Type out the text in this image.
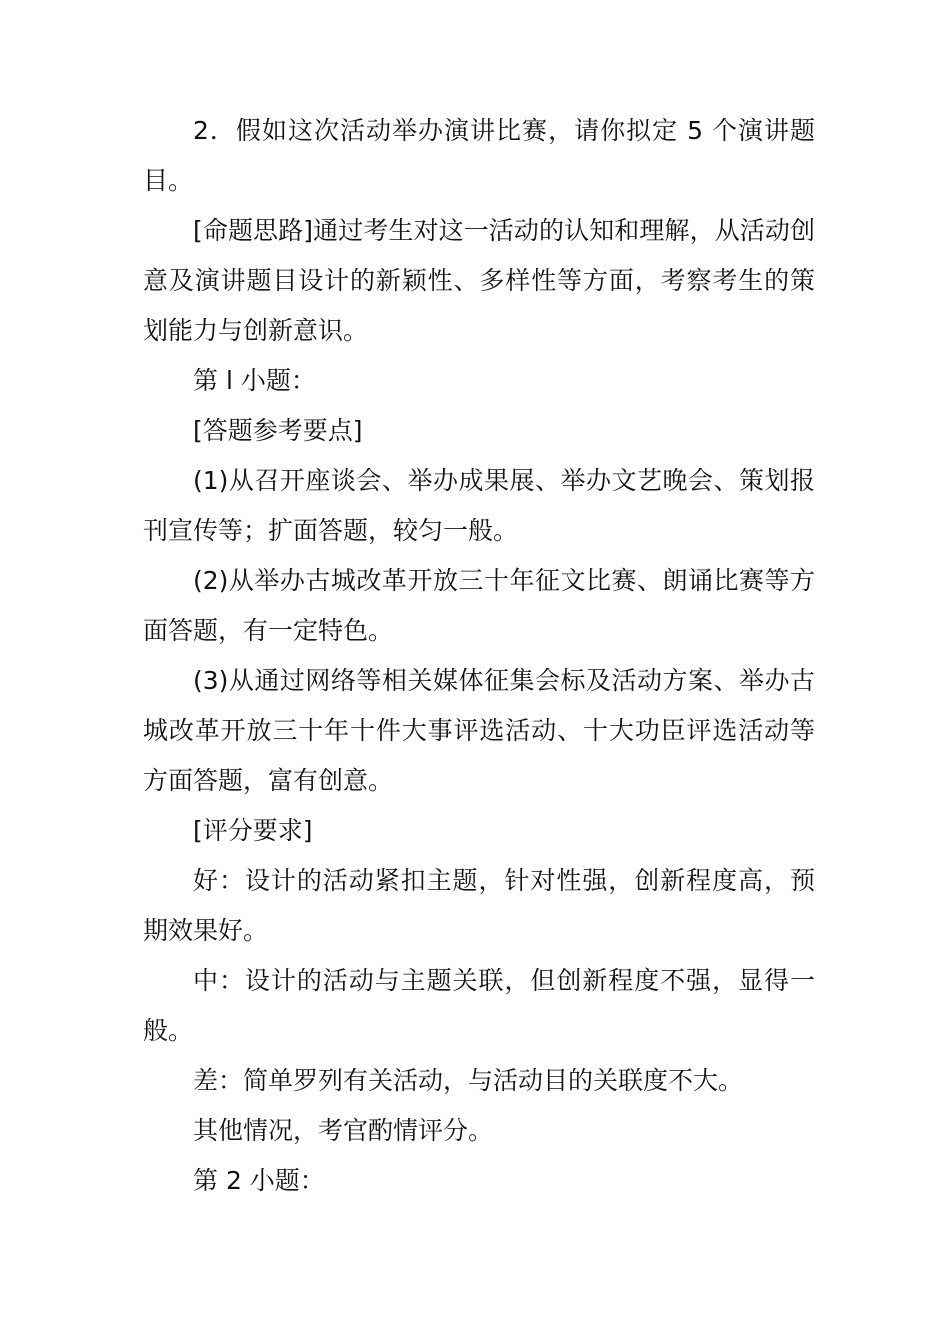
2．假如这次活动举办演讲比赛，请你拟定 5 个演讲题目。

[命题思路]通过考生对这一活动的认知和理解，从活动创意及演讲题目设计的新颖性、多样性等方面，考察考生的策划能力与创新意识。

第 l 小题：

[答题参考要点]

(1)从召开座谈会、举办成果展、举办文艺晚会、策划报刊宣传等；扩面答题，较匀一般。

(2)从举办古城改革开放三十年征文比赛、朗诵比赛等方面答题，有一定特色。

(3)从通过网络等相关媒体征集会标及活动方案、举办古城改革开放三十年十件大事评选活动、十大功臣评选活动等方面答题，富有创意。

[评分要求]

好：设计的活动紧扣主题，针对性强，创新程度高，预期效果好。

中：设计的活动与主题关联，但创新程度不强，显得一般。

差：简单罗列有关活动，与活动目的关联度不大。

其他情况，考官酌情评分。

第 2 小题：
